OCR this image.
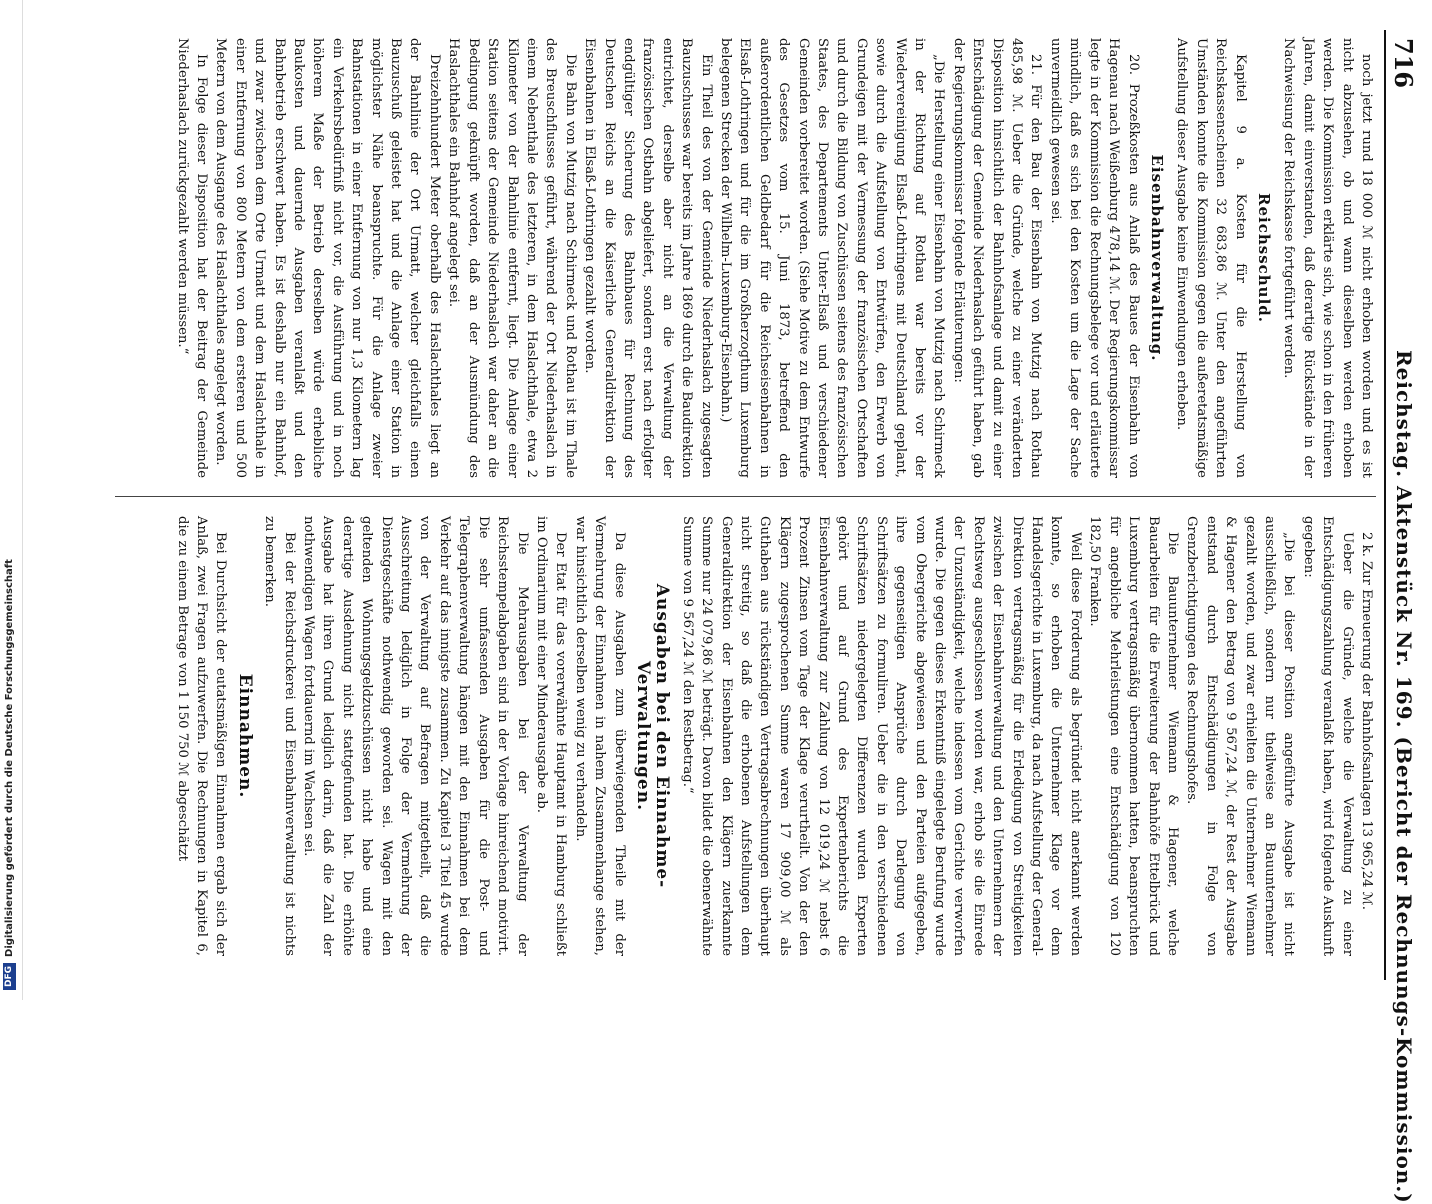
DFGDigitalisierung gefördert durch die Deutsche Forschungsgemeinschaft
716
Reichstag. Aktenstück Nr. 169. (Bericht der Rechnungs-Kommission.)

noch jetzt rund 18 000 ℳ nicht erhoben worden und es ist nicht abzusehen, ob und wann dieselben werden erhoben werden. Die Kommission erklärte sich, wie schon in den früheren Jahren, damit einverstanden, daß derartige Rückstände in der Nachweisung der Reichskasse fortgeführt werden.

Reichsschuld.

Kapitel 9 a. Kosten für die Herstellung von Reichskassenscheinen 32 683,86 ℳ. Unter den angeführten Umständen konnte die Kommission gegen die außeretatsmäßige Aufstellung dieser Ausgabe keine Einwendungen erheben.

Eisenbahnverwaltung.

20. Prozeßkosten aus Anlaß des Baues der Eisenbahn von Hagenau nach Weißenburg 478,14 ℳ. Der Regierungskommissar legte in der Kommission die Rechnungsbelege vor und erläuterte mündlich, daß es sich bei den Kosten um die Lage der Sache unvermeidlich gewesen sei.

21. Für den Bau der Eisenbahn von Mutzig nach Rothau 485,98 ℳ. Ueber die Gründe, welche zu einer veränderten Disposition hinsichtlich der Bahnhofsanlage und damit zu einer Entschädigung der Gemeinde Niederhaslach geführt haben, gab der Regierungskommissar folgende Erläuterungen:

„Die Herstellung einer Eisenbahn von Mutzig nach Schirmeck in der Richtung auf Rothau war bereits vor der Wiedervereinigung Elsaß-Lothringens mit Deutschland geplant, sowie durch die Aufstellung von Entwürfen, den Erwerb von Grundeigen mit der Vermessung der französischen Ortschaften und durch die Bildung von Zuschüssen seitens des französischen Staates, des Departements Unter-Elsaß und verschiedener Gemeinden vorbereitet worden. (Siehe Motive zu dem Entwurfe des Gesetzes vom 15. Juni 1873, betreffend den außerordentlichen Geldbedarf für die Reichseisenbahnen in Elsaß-Lothringen und für die im Großherzogthum Luxemburg belegenen Strecken der Wilhelm-Luxemburg-Eisenbahn.)

Ein Theil des von der Gemeinde Niederhaslach zugesagten Bauzuschusses war bereits im Jahre 1869 durch die Baudirektion entrichtet, derselbe aber nicht an die Verwaltung der französischen Ostbahn abgeliefert, sondern erst nach erfolgter endgültiger Sicherung des Bahnbaues für Rechnung des Deutschen Reichs an die Kaiserliche Generaldirektion der Eisenbahnen in Elsaß-Lothringen gezahlt worden.

Die Bahn von Mutzig nach Schirmeck und Rothau ist im Thale des Breuschflusses geführt, während der Ort Niederhaslach in einem Nebenthale des letzteren, in dem Haslachthale, etwa 2 Kilometer von der Bahnlinie entfernt, liegt. Die Anlage einer Station seitens der Gemeinde Niederhaslach war daher an die Bedingung geknüpft worden, daß an der Ausmündung des Haslachthales ein Bahnhof angelegt sei.

Dreizehnhundert Meter oberhalb des Haslachthales liegt an der Bahnlinie der Ort Urmatt, welcher gleichfalls einen Bauzuschuß geleistet hat und die Anlage einer Station in möglichster Nähe beanspruchte. Für die Anlage zweier Bahnstationen in einer Entfernung von nur 1,3 Kilometern lag ein Verkehrsbedürfniß nicht vor, die Ausführung und in noch höherem Maße der Betrieb derselben würde erhebliche Baukosten und dauernde Ausgaben veranlaßt und den Bahnbetrieb erschwert haben. Es ist deshalb nur ein Bahnhof, und zwar zwischen dem Orte Urmatt und dem Haslachthale in einer Entfernung von 800 Metern von dem ersteren und 500 Metern von dem Ausgange des Haslachthales angelegt worden.

In Folge dieser Disposition hat der Beitrag der Gemeinde Niederhaslach zurückgezahlt werden müssen.“

2 k. Zur Erneuerung der Bahnhofsanlagen 13 965,24 ℳ.

Ueber die Gründe, welche die Verwaltung zu einer Entschädigungszahlung veranlaßt haben, wird folgende Auskunft gegeben:

„Die bei dieser Position angeführte Ausgabe ist nicht ausschließlich, sondern nur theilweise an Bauunternehmer gezahlt worden, und zwar erhielten die Unternehmer Wiemann & Hagener den Betrag von 9 567,24 ℳ, der Rest der Ausgabe entstand durch Entschädigungen in Folge von Grenzberichtigungen des Rechnungshofes.

Die Bauunternehmer Wiemann & Hagener, welche Bauarbeiten für die Erweiterung der Bahnhöfe Ettelbrück und Luxemburg vertragsmäßig übernommen hatten, beanspruchten für angebliche Mehrleistungen eine Entschädigung von 120 182,50 Franken.

Weil diese Forderung als begründet nicht anerkannt werden konnte, so erhoben die Unternehmer Klage vor dem Handelsgerichte in Luxemburg, da nach Aufstellung der General-Direktion vertragsmäßig für die Erledigung von Streitigkeiten zwischen der Eisenbahnverwaltung und den Unternehmern der Rechtsweg ausgeschlossen worden war, erhob sie die Einrede der Unzuständigkeit, welche indessen vom Gerichte verworfen wurde. Die gegen dieses Erkenntniß eingelegte Berufung wurde vom Obergerichte abgewiesen und den Parteien aufgegeben, ihre gegenseitigen Ansprüche durch Darlegung von Schriftsätzen zu formuliren. Ueber die in den verschiedenen Schriftsätzen niedergelegten Differenzen wurden Experten gehört und auf Grund des Expertenberichts die Eisenbahnverwaltung zur Zahlung von 12 019,24 ℳ nebst 6 Prozent Zinsen vom Tage der Klage verurtheilt. Von der den Klägern zugesprochenen Summe waren 17 909,00 ℳ als Guthaben aus rückständigen Vertragsabrechnungen überhaupt nicht streitig, so daß die erhobenen Aufstellungen dem Generaldirektion der Eisenbahnen den Klägern zuerkannte Summe nur 24 079,86 ℳ beträgt. Davon bildet die obenerwähnte Summe von 9 567,24 ℳ den Restbetrag.“

Ausgaben bei den Einnahme-Verwaltungen.

Da diese Ausgaben zum überwiegenden Theile mit der Vermehrung der Einnahmen in nahem Zusammenhange stehen, war hinsichtlich derselben wenig zu verhandeln.

Der Etat für das vorerwähnte Hauptamt in Hamburg schließt im Ordinarium mit einer Minderausgabe ab.

Die Mehrausgaben bei der Verwaltung der Reichsstempelabgaben sind in der Vorlage hinreichend motivirt. Die sehr umfassenden Ausgaben für die Post- und Telegraphenverwaltung hängen mit den Einnahmen bei dem Verkehr auf das innigste zusammen. Zu Kapitel 3 Titel 45 wurde von der Verwaltung auf Befragen mitgetheilt, daß die Ausschreitung lediglich in Folge der Vermehrung der Dienstgeschäfte nothwendig geworden sei. Wagen mit den geltenden Wohnungsgeldzuschüssen nicht habe und eine derartige Ausdehnung nicht stattgefunden hat. Die erhöhte Ausgabe hat ihren Grund lediglich darin, daß die Zahl der nothwendigen Wagen fortdauernd im Wachsen sei.

Bei der Reichsdruckerei und Eisenbahnverwaltung ist nichts zu bemerken.

Einnahmen.

Bei Durchsicht der eutatsmäßigen Einnahmen ergab sich der Anlaß, zwei Fragen aufzuwerfen. Die Rechnungen in Kapitel 6, die zu einem Betrage von 1 150 750 ℳ abgeschätzt
